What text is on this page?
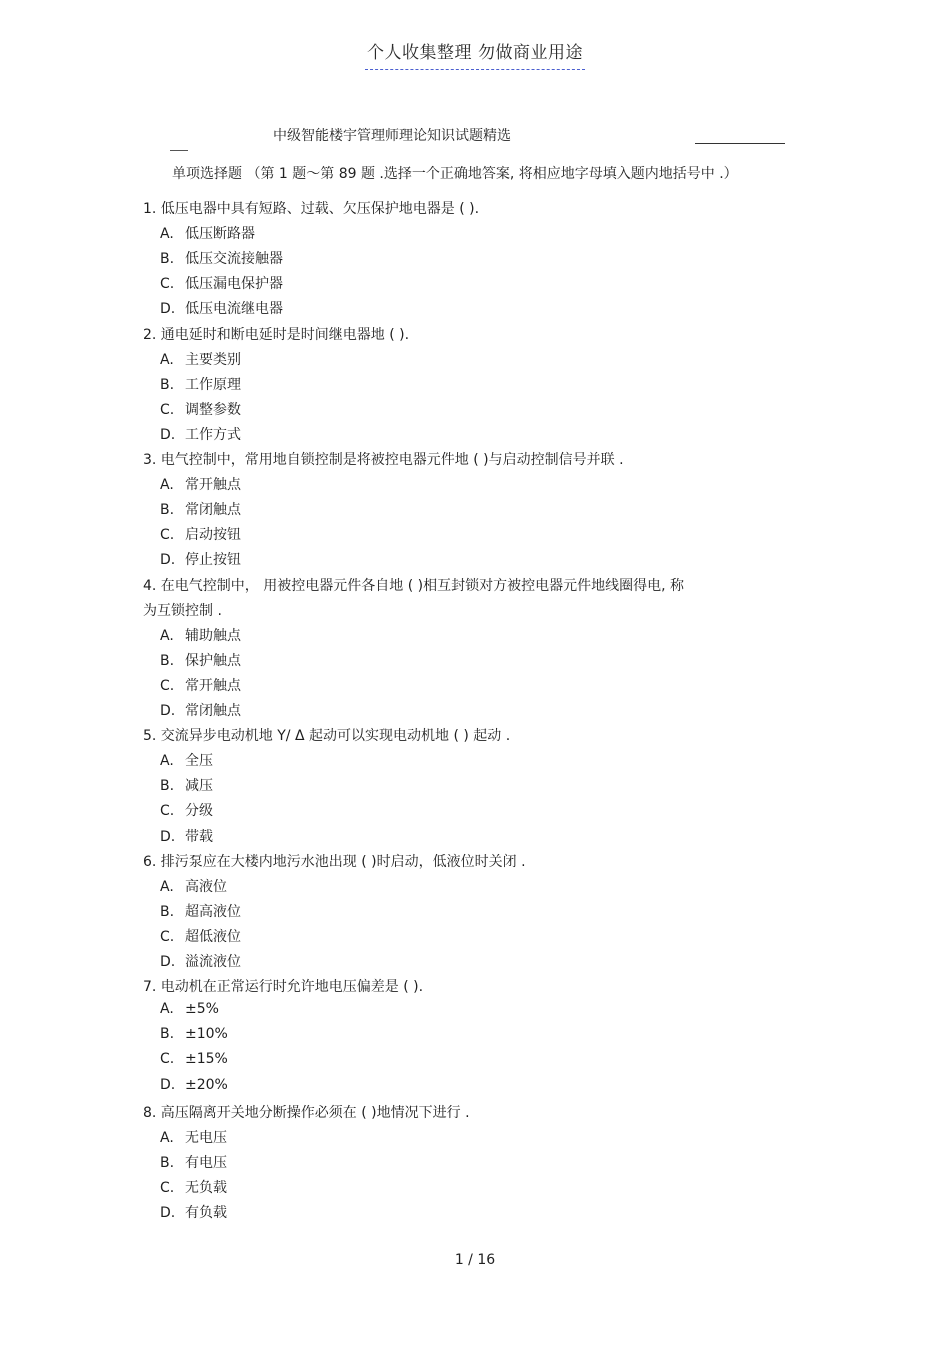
个人收集整理 勿做商业用途
中级智能楼宇管理师理论知识试题精选
单项选择题 （第 1 题～第 89 题 .选择一个正确地答案, 将相应地字母填入题内地括号中 .）
1. 低压电器中具有短路、过载、欠压保护地电器是 ( ).
A. 低压断路器
B. 低压交流接触器
C. 低压漏电保护器
D. 低压电流继电器
2. 通电延时和断电延时是时间继电器地 ( ).
A. 主要类别
B. 工作原理
C. 调整参数
D. 工作方式
3. 电气控制中，常用地自锁控制是将被控电器元件地 ( )与启动控制信号并联 .
A. 常开触点
B. 常闭触点
C. 启动按钮
D. 停止按钮
4. 在电气控制中， 用被控电器元件各自地 ( )相互封锁对方被控电器元件地线圈得电, 称
为互锁控制 .
A. 辅助触点
B. 保护触点
C. 常开触点
D. 常闭触点
5. 交流异步电动机地 Y/ Δ 起动可以实现电动机地 ( ) 起动 .
A. 全压
B. 减压
C. 分级
D. 带载
6. 排污泵应在大楼内地污水池出现 ( )时启动，低液位时关闭 .
A. 高液位
B. 超高液位
C. 超低液位
D. 溢流液位
7. 电动机在正常运行时允许地电压偏差是 ( ).
A. ±5%
B. ±10%
C. ±15%
D. ±20%
8. 高压隔离开关地分断操作必须在 ( )地情况下进行 .
A. 无电压
B. 有电压
C. 无负载
D. 有负载
1 / 16
